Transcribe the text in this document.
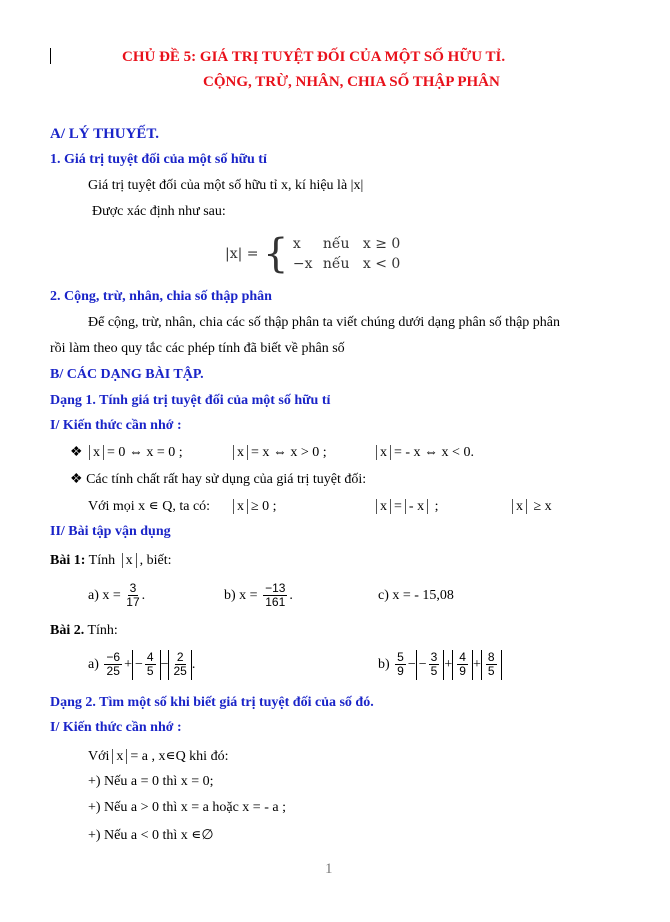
CHỦ ĐỀ 5: GIÁ TRỊ TUYỆT ĐỐI CỦA MỘT SỐ HỮU TỈ.
CỘNG, TRỪ, NHÂN, CHIA SỐ THẬP PHÂN
A/ LÝ THUYẾT.
1. Giá trị tuyệt đối của một số hữu tỉ
Giá trị tuyệt đối của một số hữu tỉ x, kí hiệu là |x|
Được xác định như sau:
|x| = { x nếu x ≥ 0
−x nếu x < 0
2. Cộng, trừ, nhân, chia số thập phân
Để cộng, trừ, nhân, chia các số thập phân ta viết chúng dưới dạng phân số thập phân
rồi làm theo quy tắc các phép tính đã biết về phân số
B/ CÁC DẠNG BÀI TẬP.
Dạng 1. Tính giá trị tuyệt đối của một số hữu tỉ
I/ Kiến thức cần nhớ :
❖ x = 0 ⇔ x = 0 ;	x = x ⇔ x > 0 ;	x = - x ⇔ x < 0.
❖ Các tính chất rất hay sử dụng của giá trị tuyệt đối:
Với mọi x ∊ Q, ta có:	x ≥ 0 ;	x = - x ;	x ≥ x
II/ Bài tập vận dụng
Bài 1: Tính x , biết:
a) $x = \frac{3}{17}$ .	b) $x = \frac{-13}{161}$ .	c) x = - 15,08
Bài 2. Tính:
$a) \frac{-6}{25}$ + − $\frac{4}{5} - \frac{2}{25}$ .	$b) \frac{5}{9}$ − − $\frac{3}{5} + \frac{4}{9} + \frac{8}{5}$
Dạng 2. Tìm một số khi biết giá trị tuyệt đối của số đó.
I/ Kiến thức cần nhớ :
Với x = a , x∊Q khi đó:
+) Nếu a = 0 thì x = 0;
+) Nếu a > 0 thì x = a hoặc x = - a ;
+) Nếu a < 0 thì x ∊∅
1
